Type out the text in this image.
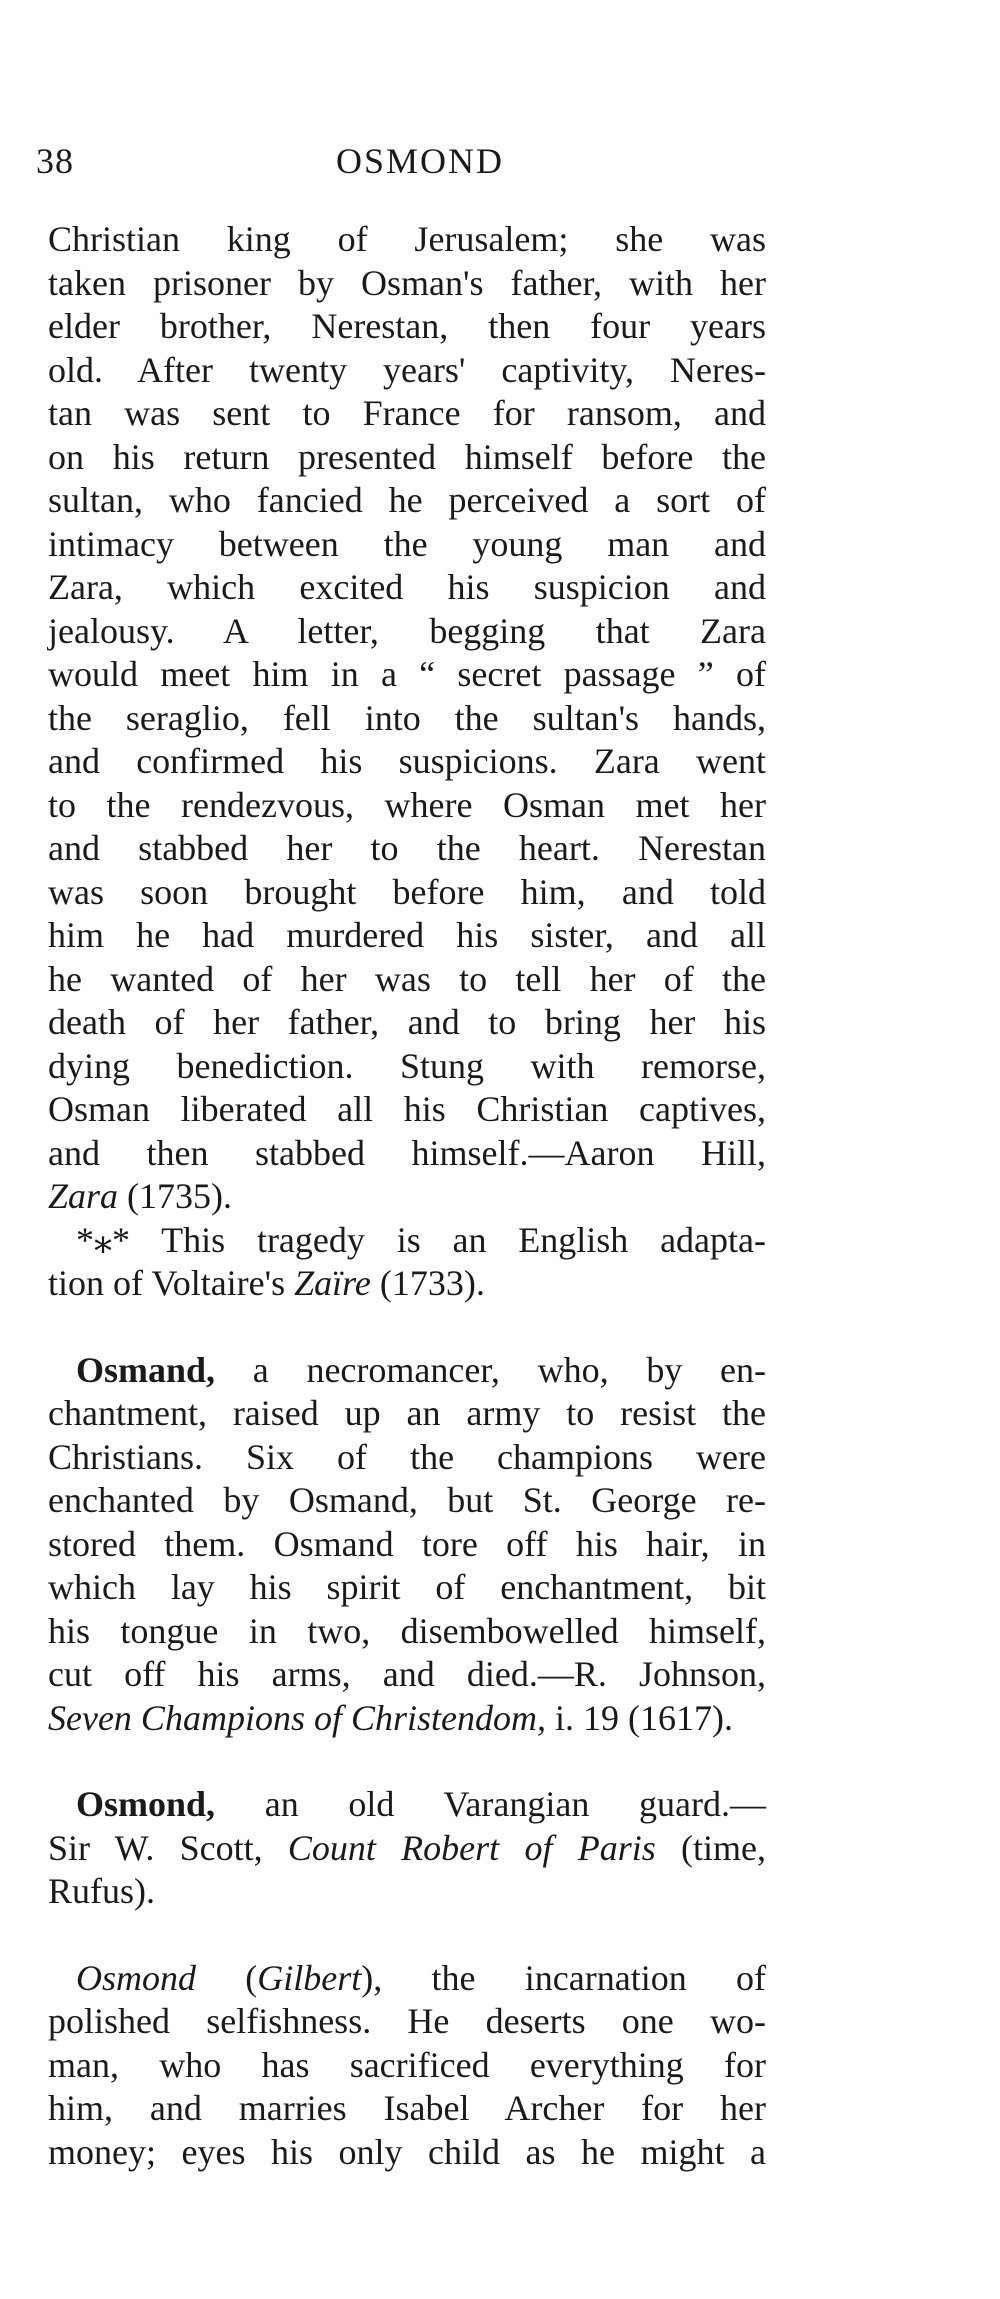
38	OSMOND
Christian king of Jerusalem; she was
taken prisoner by Osman's father, with her
elder brother, Nerestan, then four years
old. After twenty years' captivity, Neres-
tan was sent to France for ransom, and
on his return presented himself before the
sultan, who fancied he perceived a sort of
intimacy between the young man and
Zara, which excited his suspicion and
jealousy. A letter, begging that Zara
would meet him in a “ secret passage ” of
the seraglio, fell into the sultan's hands,
and confirmed his suspicions. Zara went
to the rendezvous, where Osman met her
and stabbed her to the heart. Nerestan
was soon brought before him, and told
him he had murdered his sister, and all
he wanted of her was to tell her of the
death of her father, and to bring her his
dying benediction. Stung with remorse,
Osman liberated all his Christian captives,
and then stabbed himself.—Aaron Hill,
Zara (1735).
*⁎* This tragedy is an English adapta-
tion of Voltaire's Zaïre (1733).
Osmand, a necromancer, who, by en-
chantment, raised up an army to resist the
Christians. Six of the champions were
enchanted by Osmand, but St. George re-
stored them. Osmand tore off his hair, in
which lay his spirit of enchantment, bit
his tongue in two, disembowelled himself,
cut off his arms, and died.—R. Johnson,
Seven Champions of Christendom, i. 19 (1617).
Osmond, an old Varangian guard.—
Sir W. Scott, Count Robert of Paris (time,
Rufus).
Osmond (Gilbert), the incarnation of
polished selfishness. He deserts one wo-
man, who has sacrificed everything for
him, and marries Isabel Archer for her
money; eyes his only child as he might a
